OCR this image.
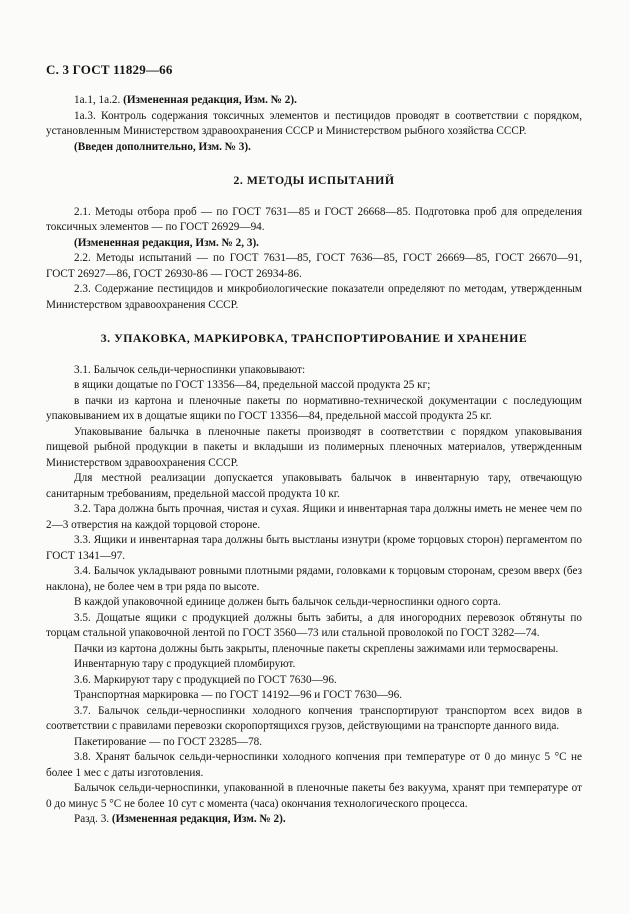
С. 3 ГОСТ 11829—66

1а.1, 1а.2. (Измененная редакция, Изм. № 2).

1а.3. Контроль содержания токсичных элементов и пестицидов проводят в соответствии с порядком, установленным Министерством здравоохранения СССР и Министерством рыбного хозяйства СССР.

(Введен дополнительно, Изм. № 3).

2. МЕТОДЫ ИСПЫТАНИЙ

2.1. Методы отбора проб — по ГОСТ 7631—85 и ГОСТ 26668—85. Подготовка проб для определения токсичных элементов — по ГОСТ 26929—94.

(Измененная редакция, Изм. № 2, 3).

2.2. Методы испытаний — по ГОСТ 7631—85, ГОСТ 7636—85, ГОСТ 26669—85, ГОСТ 26670—91, ГОСТ 26927—86, ГОСТ 26930-86 — ГОСТ 26934-86.

2.3. Содержание пестицидов и микробиологические показатели определяют по методам, утвержденным Министерством здравоохранения СССР.

3. УПАКОВКА, МАРКИРОВКА, ТРАНСПОРТИРОВАНИЕ И ХРАНЕНИЕ

3.1. Балычок сельди-черноспинки упаковывают:

в ящики дощатые по ГОСТ 13356—84, предельной массой продукта 25 кг;

в пачки из картона и пленочные пакеты по нормативно-технической документации с последующим упаковыванием их в дощатые ящики по ГОСТ 13356—84, предельной массой продукта 25 кг.

Упаковывание балычка в пленочные пакеты производят в соответствии с порядком упаковывания пищевой рыбной продукции в пакеты и вкладыши из полимерных пленочных материалов, утвержденным Министерством здравоохранения СССР.

Для местной реализации допускается упаковывать балычок в инвентарную тару, отвечающую санитарным требованиям, предельной массой продукта 10 кг.

3.2. Тара должна быть прочная, чистая и сухая. Ящики и инвентарная тара должны иметь не менее чем по 2—3 отверстия на каждой торцовой стороне.

3.3. Ящики и инвентарная тара должны быть выстланы изнутри (кроме торцовых сторон) пергаментом по ГОСТ 1341—97.

3.4. Балычок укладывают ровными плотными рядами, головками к торцовым сторонам, срезом вверх (без наклона), не более чем в три ряда по высоте.

В каждой упаковочной единице должен быть балычок сельди-черноспинки одного сорта.

3.5. Дощатые ящики с продукцией должны быть забиты, а для иногородних перевозок обтянуты по торцам стальной упаковочной лентой по ГОСТ 3560—73 или стальной проволокой по ГОСТ 3282—74.

Пачки из картона должны быть закрыты, пленочные пакеты скреплены зажимами или термосварены.

Инвентарную тару с продукцией пломбируют.

3.6. Маркируют тару с продукцией по ГОСТ 7630—96.

Транспортная маркировка — по ГОСТ 14192—96 и ГОСТ 7630—96.

3.7. Балычок сельди-черноспинки холодного копчения транспортируют транспортом всех видов в соответствии с правилами перевозки скоропортящихся грузов, действующими на транспорте данного вида.

Пакетирование — по ГОСТ 23285—78.

3.8. Хранят балычок сельди-черноспинки холодного копчения при температуре от 0 до минус 5 °С не более 1 мес с даты изготовления.

Балычок сельди-черноспинки, упакованной в пленочные пакеты без вакуума, хранят при температуре от 0 до минус 5 °С не более 10 сут с момента (часа) окончания технологического процесса.

Разд. 3. (Измененная редакция, Изм. № 2).
